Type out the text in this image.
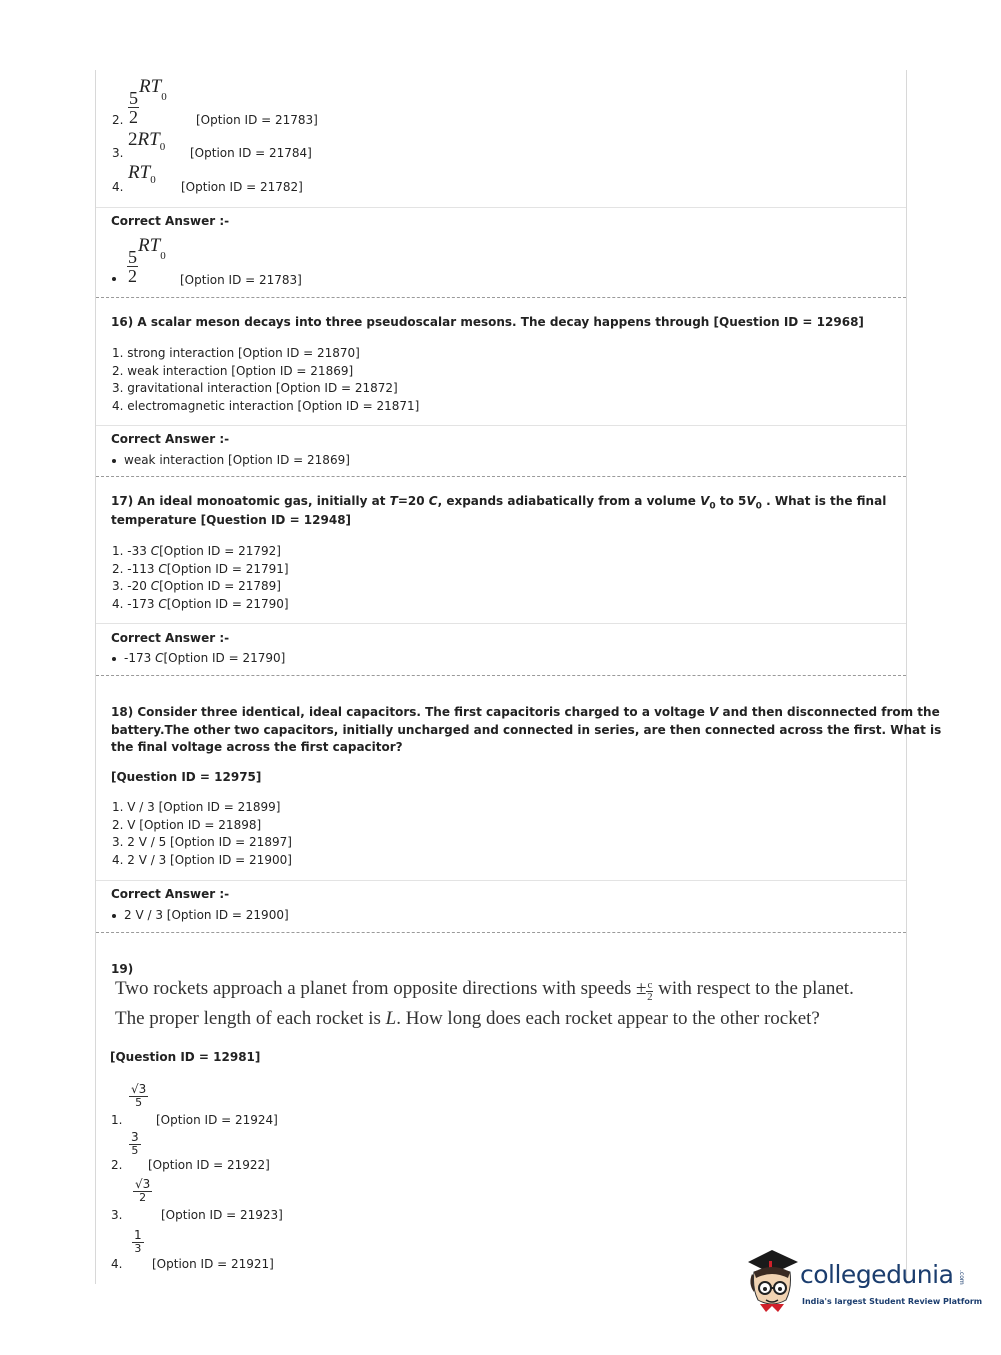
2. $\frac{5}{2}$
$RT_0$
[Option ID = 21783]
3.
$2RT_0$ [Option ID = 21784]
4.
$RT_0$
[Option ID = 21782]
Correct Answer :-
$\frac{5}{2}$
$RT_0$
[Option ID = 21783]
16) A scalar meson decays into three pseudoscalar mesons. The decay happens through [Question ID = 12968]
1. strong interaction [Option ID = 21870]
2. weak interaction [Option ID = 21869]
3. gravitational interaction [Option ID = 21872]
4. electromagnetic interaction [Option ID = 21871]
Correct Answer :-
weak interaction [Option ID = 21869]
17) An ideal monoatomic gas, initially at T=20 C, expands adiabatically from a volume $V_0$ to $5V_0$ . What is the final
temperature [Question ID = 12948]
1. -33 C[Option ID = 21792]
2. -113 C[Option ID = 21791]
3. -20 C[Option ID = 21789]
4. -173 C[Option ID = 21790]
Correct Answer :-
-173 C[Option ID = 21790]
18) Consider three identical, ideal capacitors. The first capacitoris charged to a voltage V and then disconnected from the
battery.The other two capacitors, initially uncharged and connected in series, are then connected across the first. What is
the final voltage across the first capacitor?
[Question ID = 12975]
1. V / 3 [Option ID = 21899]
2. V [Option ID = 21898]
3. 2 V / 5 [Option ID = 21897]
4. 2 V / 3 [Option ID = 21900]
Correct Answer :-
2 V / 3 [Option ID = 21900]
19)
Two rockets approach a planet from opposite directions with speeds ± $\frac{c}{2}$ with respect to the planet.
The proper length of each rocket is L. How long does each rocket appear to the other rocket?
[Question ID = 12981]
1.
$\frac{√3}{5}$
[Option ID = 21924]
2.
$\frac{3}{5}$
[Option ID = 21922]
3.
$\frac{√3}{2}$
[Option ID = 21923]
4.
$\frac{1}{3}$
[Option ID = 21921]	collegedunia .com
India's largest Student Review Platform
